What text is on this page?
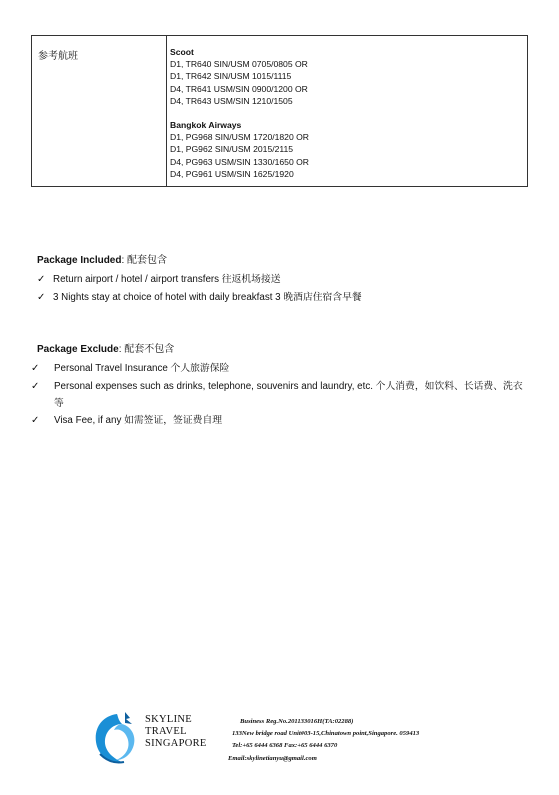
参考航班	Scoot
D1, TR640 SIN/USM 0705/0805 OR
D1, TR642 SIN/USM 1015/1115
D4, TR641 USM/SIN 0900/1200 OR
D4, TR643 USM/SIN 1210/1505
Bangkok Airways
D1, PG968 SIN/USM 1720/1820 OR
D1, PG962 SIN/USM 2015/2115
D4, PG963 USM/SIN 1330/1650 OR
D4, PG961 USM/SIN 1625/1920
Package Included: 配套包含
✓ Return airport / hotel / airport transfers 往返机场接送
✓ 3 Nights stay at choice of hotel with daily breakfast 3 晚酒店住宿含早餐
Package Exclude: 配套不包含
✓ Personal Travel Insurance 个人旅游保险
✓ Personal expenses such as drinks, telephone, souvenirs and laundry, etc. 个人消费，如饮料、长话费、洗衣等
✓ Visa Fee, if any 如需签证，签证费自理
SKYLINE
TRAVEL
SINGAPORE
Business Reg.No.201133016H(TA:02288)
133New bridge road Unit#03-15,Chinatown point,Singapore. 059413
Tel:+65 6444 6368 Fax:+65 6444 6370
Email:skylinetianyu@gmail.com
